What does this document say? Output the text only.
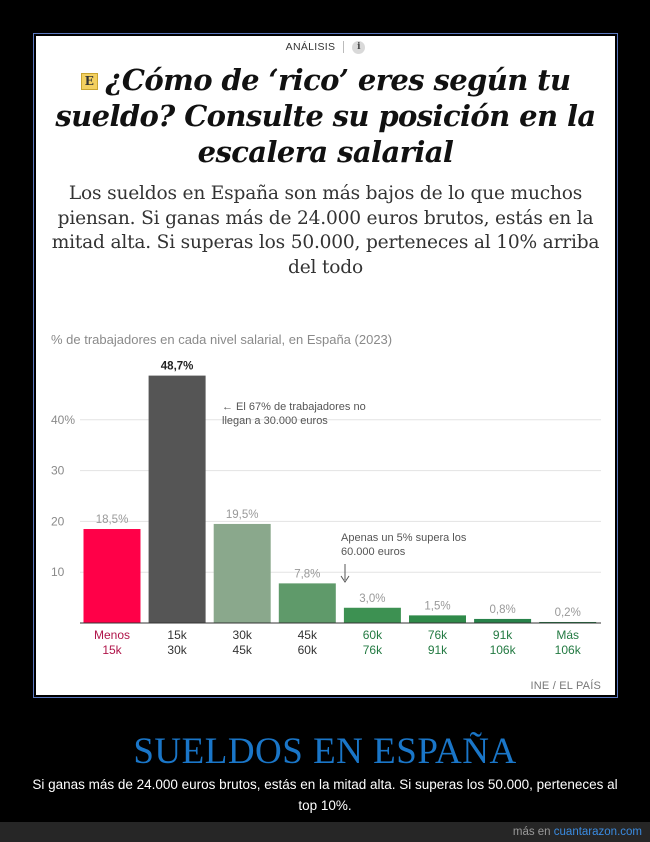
ANÁLISIS	i
E ¿Cómo de ‘rico’ eres según tu sueldo? Consulte su posición en la escalera salarial

Los sueldos en España son más bajos de lo que muchos piensan. Si ganas más de 24.000 euros brutos, estás en la mitad alta. Si superas los 50.000, perteneces al 10% arriba del todo

% de trabajadores en cada nivel salarial, en España (2023)
10
20
30
40%
18,5%
Menos
15k
48,7%
15k
30k
19,5%
30k
45k
7,8%
45k
60k
3,0%
60k
76k
1,5%
76k
91k
0,8%
91k
106k
0,2%
Más
106k
← El 67% de trabajadores no
llegan a 30.000 euros
Apenas un 5% supera los
60.000 euros
INE / EL PAÍS
SUELDOS EN ESPAÑA
Si ganas más de 24.000 euros brutos, estás en la mitad alta. Si superas los 50.000, perteneces al top 10%.
más en cuantarazon.com
